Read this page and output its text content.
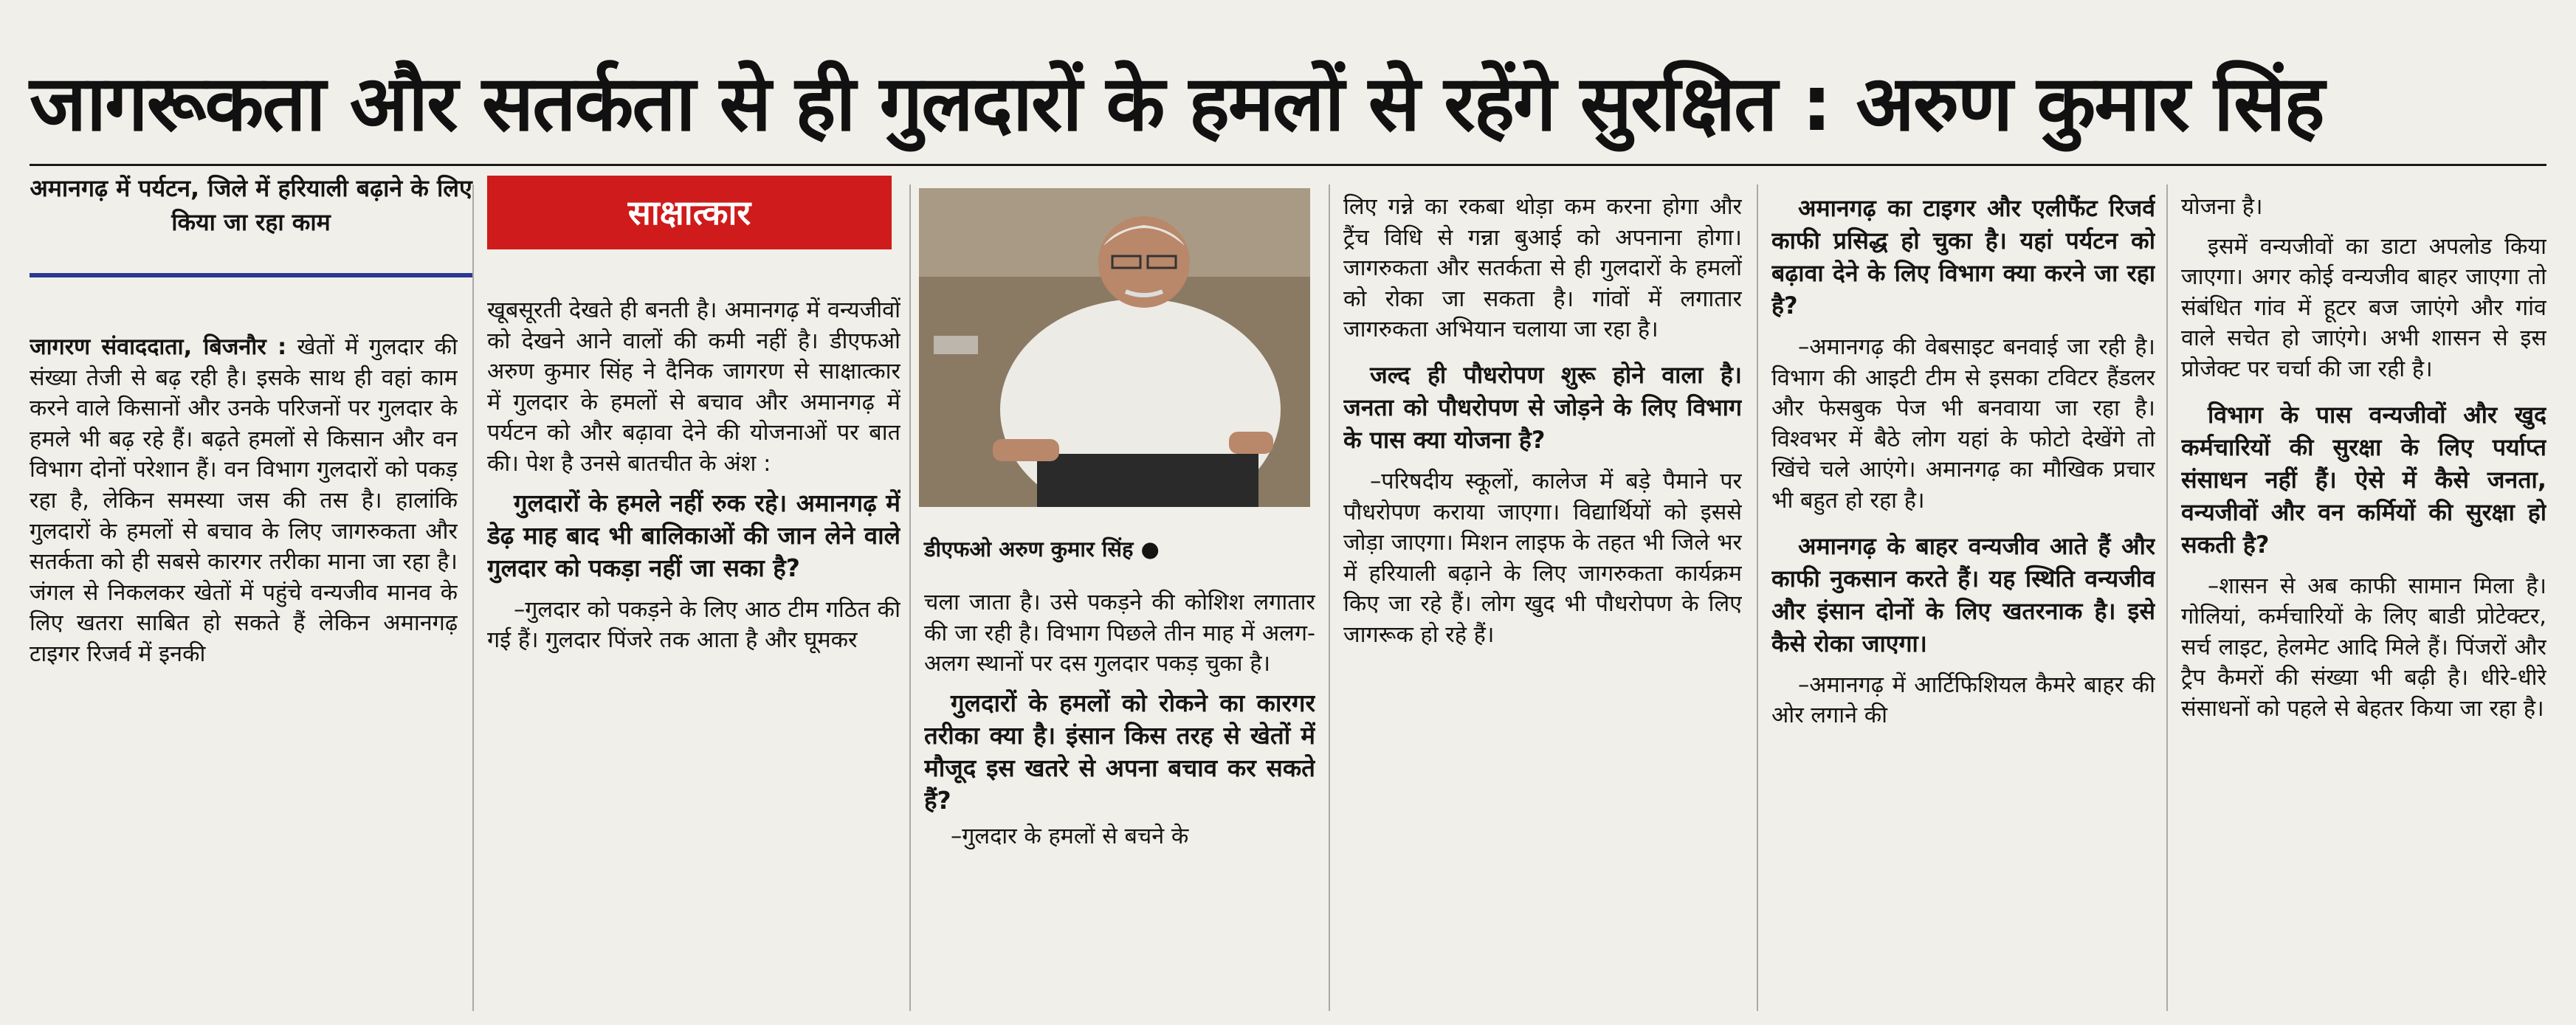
जागरूकता और सतर्कता से ही गुलदारों के हमलों से रहेंगे सुरक्षित : अरुण कुमार सिंह
अमानगढ़ में पर्यटन, जिले में हरियाली बढ़ाने के लिए किया जा रहा काम	साक्षात्कार

जागरण संवाददाता, बिजनौर : खेतों में गुलदार की संख्या तेजी से बढ़ रही है। इसके साथ ही वहां काम करने वाले किसानों और उनके परिजनों पर गुलदार के हमले भी बढ़ रहे हैं। बढ़ते हमलों से किसान और वन विभाग दोनों परेशान हैं। वन विभाग गुलदारों को पकड़ रहा है, लेकिन समस्या जस की तस है। हालांकि गुलदारों के हमलों से बचाव के लिए जागरुकता और सतर्कता को ही सबसे कारगर तरीका माना जा रहा है। जंगल से निकलकर खेतों में पहुंचे वन्यजीव मानव के लिए खतरा साबित हो सकते हैं लेकिन अमानगढ़ टाइगर रिजर्व में इनकी

खूबसूरती देखते ही बनती है। अमानगढ़ में वन्यजीवों को देखने आने वालों की कमी नहीं है। डीएफओ अरुण कुमार सिंह ने दैनिक जागरण से साक्षात्कार में गुलदार के हमलों से बचाव और अमानगढ़ में पर्यटन को और बढ़ावा देने की योजनाओं पर बात की। पेश है उनसे बातचीत के अंश :

गुलदारों के हमले नहीं रुक रहे। अमानगढ़ में डेढ़ माह बाद भी बालिकाओं की जान लेने वाले गुलदार को पकड़ा नहीं जा सका है?

–गुलदार को पकड़ने के लिए आठ टीम गठित की गई हैं। गुलदार पिंजरे तक आता है और घूमकर

डीएफओ अरुण कुमार सिंह ●

चला जाता है। उसे पकड़ने की कोशिश लगातार की जा रही है। विभाग पिछले तीन माह में अलग-अलग स्थानों पर दस गुलदार पकड़ चुका है।

गुलदारों के हमलों को रोकने का कारगर तरीका क्या है। इंसान किस तरह से खेतों में मौजूद इस खतरे से अपना बचाव कर सकते हैं?

–गुलदार के हमलों से बचने के

लिए गन्ने का रकबा थोड़ा कम करना होगा और ट्रैंच विधि से गन्ना बुआई को अपनाना होगा। जागरुकता और सतर्कता से ही गुलदारों के हमलों को रोका जा सकता है। गांवों में लगातार जागरुकता अभियान चलाया जा रहा है।

जल्द ही पौधरोपण शुरू होने वाला है। जनता को पौधरोपण से जोड़ने के लिए विभाग के पास क्या योजना है?

–परिषदीय स्कूलों, कालेज में बड़े पैमाने पर पौधरोपण कराया जाएगा। विद्यार्थियों को इससे जोड़ा जाएगा। मिशन लाइफ के तहत भी जिले भर में हरियाली बढ़ाने के लिए जागरुकता कार्यक्रम किए जा रहे हैं। लोग खुद भी पौधरोपण के लिए जागरूक हो रहे हैं।

अमानगढ़ का टाइगर और एलीफैंट रिजर्व काफी प्रसिद्ध हो चुका है। यहां पर्यटन को बढ़ावा देने के लिए विभाग क्या करने जा रहा है?

–अमानगढ़ की वेबसाइट बनवाई जा रही है। विभाग की आइटी टीम से इसका टविटर हैंडलर और फेसबुक पेज भी बनवाया जा रहा है। विश्वभर में बैठे लोग यहां के फोटो देखेंगे तो खिंचे चले आएंगे। अमानगढ़ का मौखिक प्रचार भी बहुत हो रहा है।

अमानगढ़ के बाहर वन्यजीव आते हैं और काफी नुकसान करते हैं। यह स्थिति वन्यजीव और इंसान दोनों के लिए खतरनाक है। इसे कैसे रोका जाएगा।

–अमानगढ़ में आर्टिफिशियल कैमरे बाहर की ओर लगाने की

योजना है।

इसमें वन्यजीवों का डाटा अपलोड किया जाएगा। अगर कोई वन्यजीव बाहर जाएगा तो संबंधित गांव में हूटर बज जाएंगे और गांव वाले सचेत हो जाएंगे। अभी शासन से इस प्रोजेक्ट पर चर्चा की जा रही है।

विभाग के पास वन्यजीवों और खुद कर्मचारियों की सुरक्षा के लिए पर्याप्त संसाधन नहीं हैं। ऐसे में कैसे जनता, वन्यजीवों और वन कर्मियों की सुरक्षा हो सकती है?

–शासन से अब काफी सामान मिला है। गोलियां, कर्मचारियों के लिए बाडी प्रोटेक्टर, सर्च लाइट, हेलमेट आदि मिले हैं। पिंजरों और ट्रैप कैमरों की संख्या भी बढ़ी है। धीरे-धीरे संसाधनों को पहले से बेहतर किया जा रहा है।
